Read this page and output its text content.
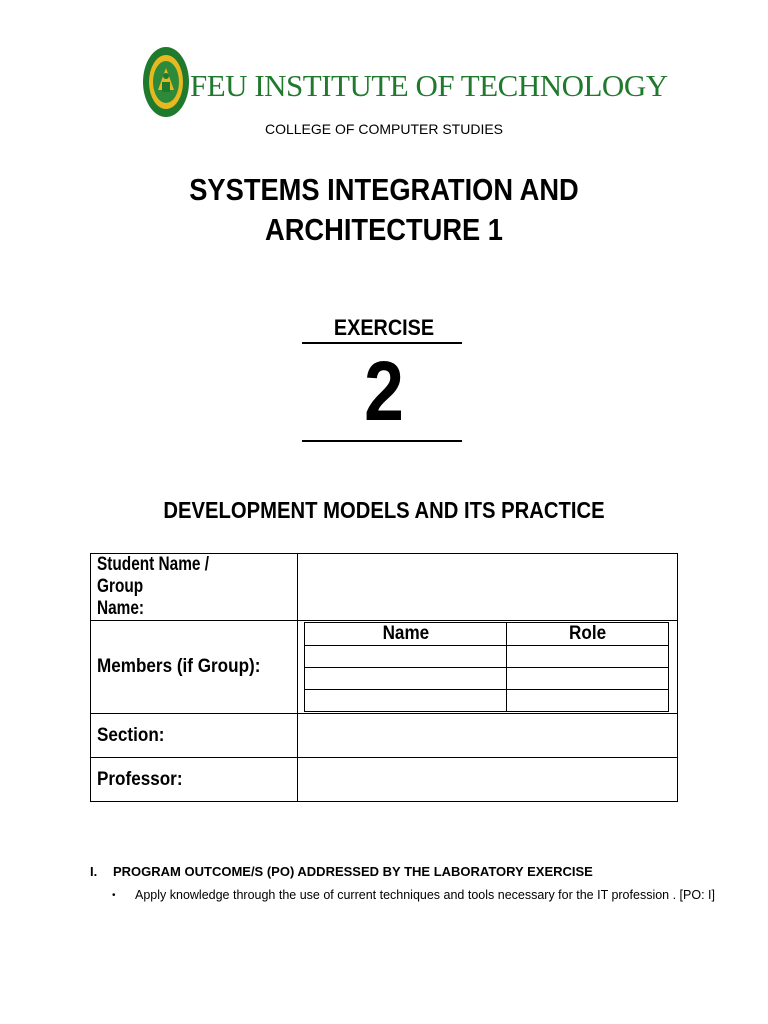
FEU INSTITUTE OF TECHNOLOGY
COLLEGE OF COMPUTER STUDIES
SYSTEMS INTEGRATION AND
ARCHITECTURE 1
EXERCISE
2
DEVELOPMENT MODELS AND ITS PRACTICE
Student Name / Group
Name:	
Members (if Group):	
Name	Role

Section:	
Professor:	
I. PROGRAM OUTCOME/S (PO) ADDRESSED BY THE LABORATORY EXERCISE
• Apply knowledge through the use of current techniques and tools necessary for the IT profession . [PO: I]
